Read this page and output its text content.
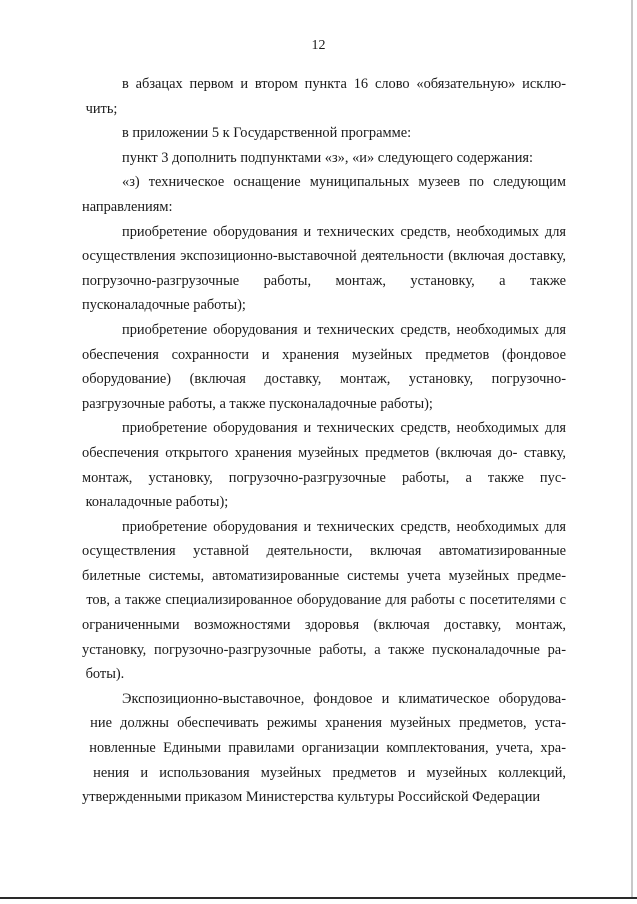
12

в абзацах первом и втором пункта 16 слово «обязательную» исклю- чить;

в приложении 5 к Государственной программе:

пункт 3 дополнить подпунктами «з», «и» следующего содержания:

«з) техническое оснащение муниципальных музеев по следующим направлениям:

приобретение оборудования и технических средств, необходимых для осуществления экспозиционно-выставочной деятельности (включая доставку, погрузочно-разгрузочные работы, монтаж, установку, а также пусконаладочные работы);

приобретение оборудования и технических средств, необходимых для обеспечения сохранности и хранения музейных предметов (фондовое оборудование) (включая доставку, монтаж, установку, погрузочно-разгрузочные работы, а также пусконаладочные работы);

приобретение оборудования и технических средств, необходимых для обеспечения открытого хранения музейных предметов (включая до- ставку, монтаж, установку, погрузочно-разгрузочные работы, а также пус- коналадочные работы);

приобретение оборудования и технических средств, необходимых для осуществления уставной деятельности, включая автоматизированные билетные системы, автоматизированные системы учета музейных предме- тов, а также специализированное оборудование для работы с посетителями с ограниченными возможностями здоровья (включая доставку, монтаж, установку, погрузочно-разгрузочные работы, а также пусконаладочные ра- боты).

Экспозиционно-выставочное, фондовое и климатическое оборудова- ние должны обеспечивать режимы хранения музейных предметов, уста- новленные Едиными правилами организации комплектования, учета, хра- нения и использования музейных предметов и музейных коллекций, утвержденными приказом Министерства культуры Российской Федерации
